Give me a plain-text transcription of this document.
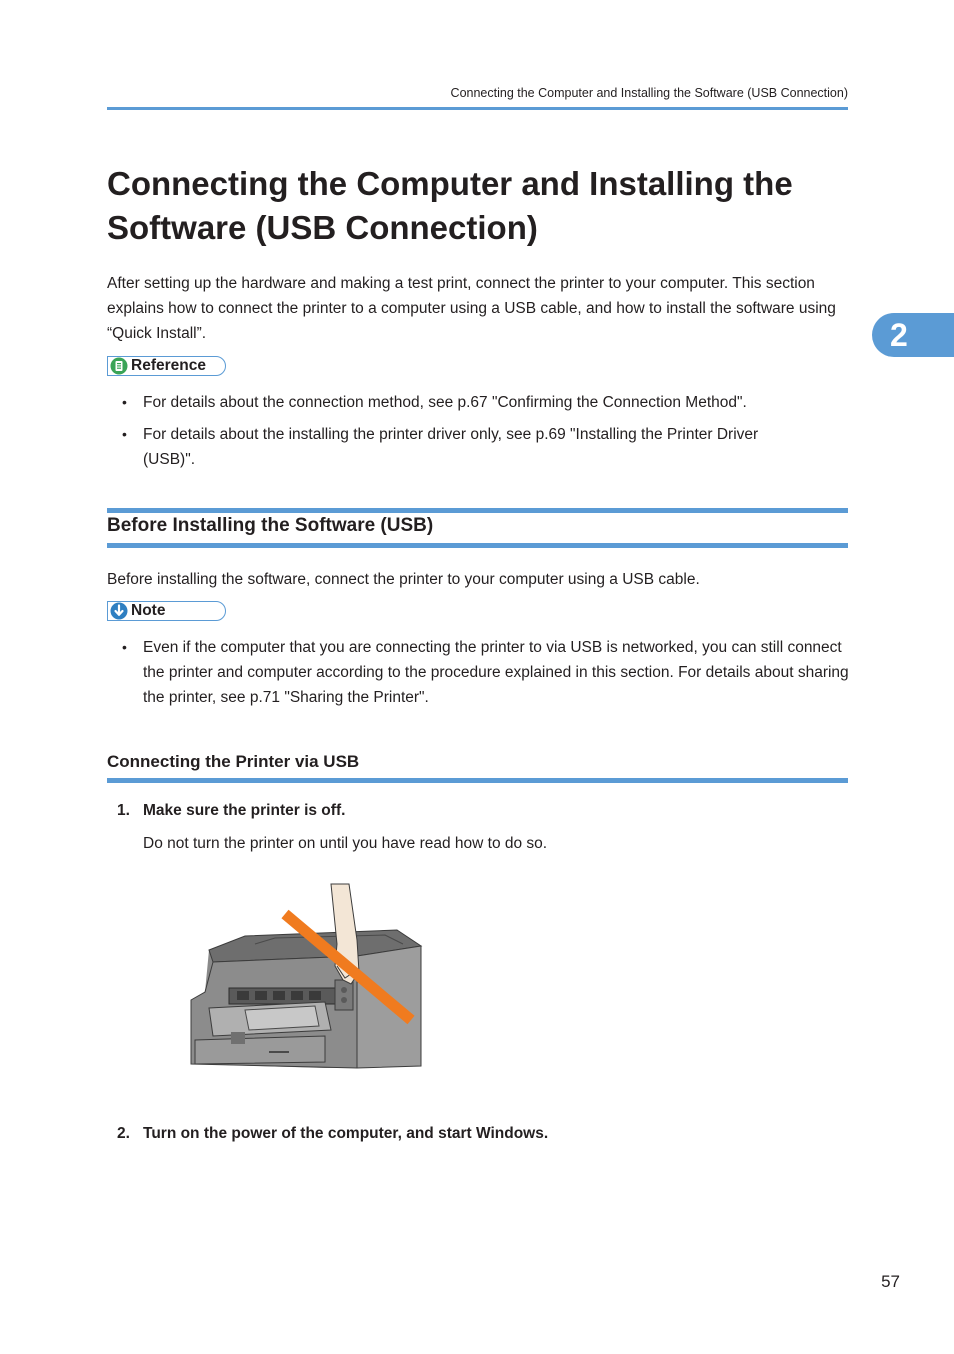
Connecting the Computer and Installing the Software (USB Connection)
2
Connecting the Computer and Installing the
Software (USB Connection)

After setting up the hardware and making a test print, connect the printer to your computer. This section
explains how to connect the printer to a computer using a USB cable, and how to install the software using
“Quick Install”.

Reference
• For details about the connection method, see p.67 "Confirming the Connection Method".
• For details about the installing the printer driver only, see p.69 "Installing the Printer Driver (USB)".
Before Installing the Software (USB)

Before installing the software, connect the printer to your computer using a USB cable.

Note
• Even if the computer that you are connecting the printer to via USB is networked, you can still connect the printer and computer according to the procedure explained in this section. For details about sharing the printer, see p.71 "Sharing the Printer".
Connecting the Printer via USB
1. Make sure the printer is off.
Do not turn the printer on until you have read how to do so.
2. Turn on the power of the computer, and start Windows.
57
